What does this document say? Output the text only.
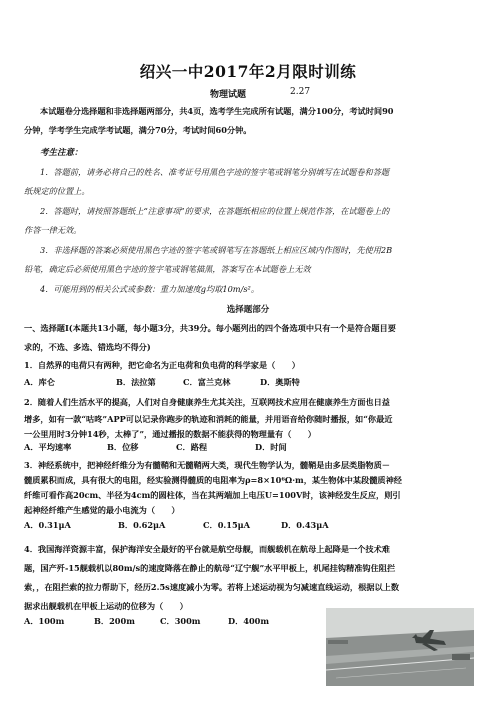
绍兴一中2017年2月限时训练
物理试题	2.27
本试题卷分选择题和非选择题两部分，共4页，选考学生完成所有试题，满分100分，考试时间90
分钟，学考学生完成学考试题，满分70分，考试时间60分钟。
考生注意：
1．答题前，请务必将自己的姓名、准考证号用黑色字迹的签字笔或钢笔分别填写在试题卷和答题
纸规定的位置上。
2．答题时，请按照答题纸上“注意事项”的要求，在答题纸相应的位置上规范作答，在试题卷上的
作答一律无效。
3．非选择题的答案必须使用黑色字迹的签字笔或钢笔写在答题纸上相应区域内作图时，先使用2B
铅笔，确定后必须使用黑色字迹的签字笔或钢笔描黑，答案写在本试题卷上无效
4．可能用到的相关公式或参数：重力加速度g均取10m/s²。
选择题部分
一、选择题Ⅰ(本题共13小题，每小题3分，共39分。每小题列出的四个备选项中只有一个是符合题目要
求的，不选、多选、错选均不得分)
1．自然界的电荷只有两种，把它命名为正电荷和负电荷的科学家是（　　）
A．库仑	B．法拉第	C．富兰克林	D．奥斯特
2．随着人们生活水平的提高，人们对自身健康养生尤其关注，互联网技术应用在健康养生方面也日益
增多，如有一款“咕咚”APP可以记录你跑步的轨迹和消耗的能量，并用语音给你随时播报，如“你最近
一公里用时3分钟14秒，太棒了”，通过播报的数据不能获得的物理量有（　　）
A．平均速率	B．位移	C．路程	D．时间
3．神经系统中，把神经纤维分为有髓鞘和无髓鞘两大类，现代生物学认为，髓鞘是由多层类脂物质－
髓质累积而成，具有很大的电阻，经实验测得髓质的电阻率为ρ=8×10⁶Ω·m，某生物体中某段髓质神经
纤维可看作高20cm、半径为4cm的圆柱体，当在其两端加上电压U=100V时，该神经发生反应，则引
起神经纤维产生感觉的最小电流为（　　）
A．0.31μA	B．0.62μA	C．0.15μA	D．0.43μA
4．我国海洋资源丰富，保护海洋安全最好的平台就是航空母舰，而舰载机在航母上起降是一个技术难
题，国产歼-15舰载机以80m/s的速度降落在静止的航母“辽宁舰”水平甲板上，机尾挂钩精准钩住阻拦
索，，在阻拦索的拉力帮助下，经历2.5s速度减小为零。若将上述运动视为匀减速直线运动，根据以上数
据求出舰载机在甲板上运动的位移为（　　）
A．100m	B．200m	C．300m	D．400m
